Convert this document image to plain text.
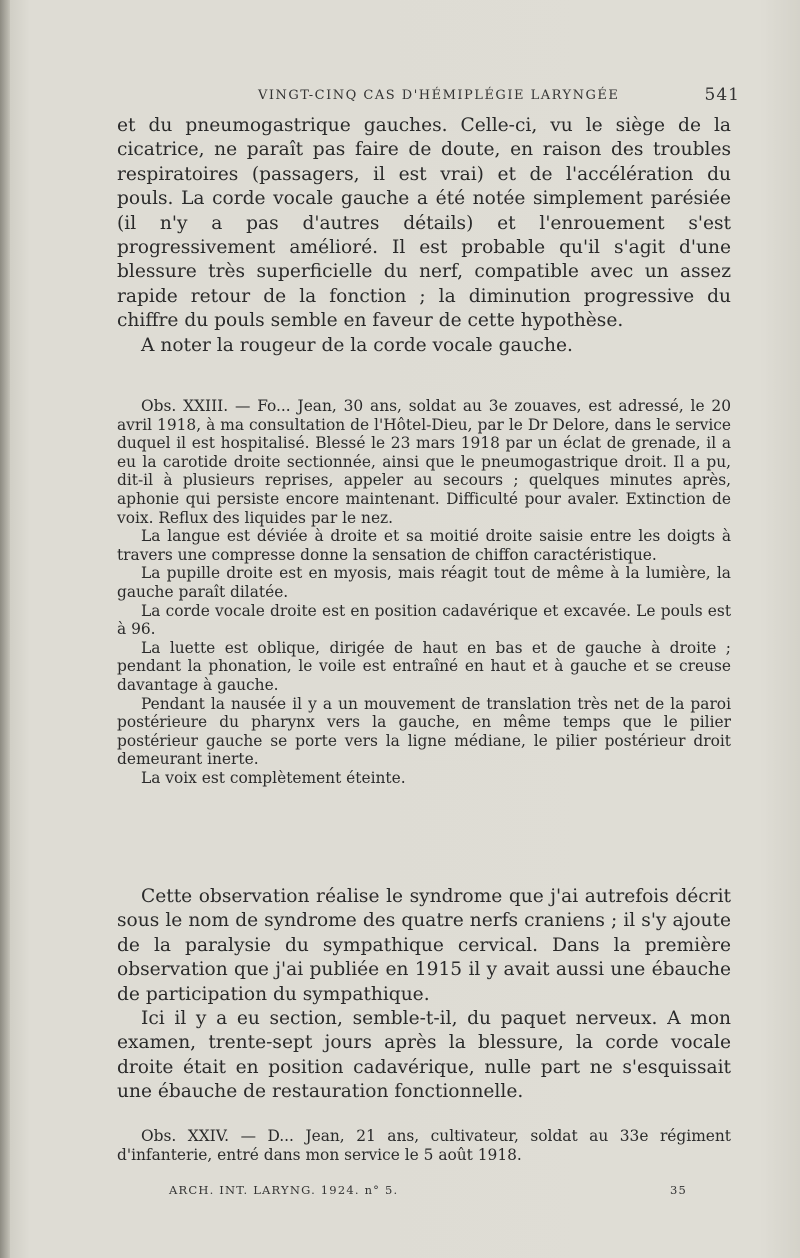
VINGT-CINQ CAS D'HÉMIPLÉGIE LARYNGÉE	541

et du pneumogastrique gauches. Celle-ci, vu le siège de la cicatrice, ne paraît pas faire de doute, en raison des troubles respiratoires (passagers, il est vrai) et de l'accélération du pouls. La corde vocale gauche a été notée simplement parésiée (il n'y a pas d'autres détails) et l'enrouement s'est progressivement amélioré. Il est probable qu'il s'agit d'une blessure très superficielle du nerf, compatible avec un assez rapide retour de la fonction ; la diminution progressive du chiffre du pouls semble en faveur de cette hypothèse.

A noter la rougeur de la corde vocale gauche.

Obs. XXIII. — Fo... Jean, 30 ans, soldat au 3e zouaves, est adressé, le 20 avril 1918, à ma consultation de l'Hôtel-Dieu, par le Dr Delore, dans le service duquel il est hospitalisé. Blessé le 23 mars 1918 par un éclat de grenade, il a eu la carotide droite sectionnée, ainsi que le pneumogastrique droit. Il a pu, dit-il à plusieurs reprises, appeler au secours ; quelques minutes après, aphonie qui persiste encore maintenant. Difficulté pour avaler. Extinction de voix. Reflux des liquides par le nez.

La langue est déviée à droite et sa moitié droite saisie entre les doigts à travers une compresse donne la sensation de chiffon caractéristique.

La pupille droite est en myosis, mais réagit tout de même à la lumière, la gauche paraît dilatée.

La corde vocale droite est en position cadavérique et excavée. Le pouls est à 96.

La luette est oblique, dirigée de haut en bas et de gauche à droite ; pendant la phonation, le voile est entraîné en haut et à gauche et se creuse davantage à gauche.

Pendant la nausée il y a un mouvement de translation très net de la paroi postérieure du pharynx vers la gauche, en même temps que le pilier postérieur gauche se porte vers la ligne médiane, le pilier postérieur droit demeurant inerte.

La voix est complètement éteinte.

Cette observation réalise le syndrome que j'ai autrefois décrit sous le nom de syndrome des quatre nerfs craniens ; il s'y ajoute de la paralysie du sympathique cervical. Dans la première observation que j'ai publiée en 1915 il y avait aussi une ébauche de participation du sympathique.

Ici il y a eu section, semble-t-il, du paquet nerveux. A mon examen, trente-sept jours après la blessure, la corde vocale droite était en position cadavérique, nulle part ne s'esquissait une ébauche de restauration fonctionnelle.

Obs. XXIV. — D... Jean, 21 ans, cultivateur, soldat au 33e régiment d'infanterie, entré dans mon service le 5 août 1918.

ARCH. INT. LARYNG. 1924. n° 5.	35
